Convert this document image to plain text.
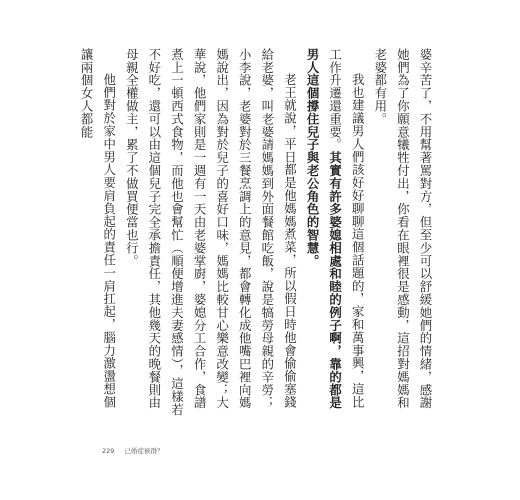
婆辛苦了，不用幫著罵對方，但至少可以舒緩她們的情緒，感謝她們為了你願意犧牲付出，你看在眼裡很是感動，這招對媽媽和老婆都有用。

我也建議男人們該好好聊聊這個話題的，家和萬事興，這比工作升遷還重要。其實有許多婆媳相處和睦的例子啊，靠的都是男人這個撐住兒子與老公角色的智慧。

老王就說，平日都是他媽媽煮菜，所以假日時他會偷偷塞錢給老婆，叫老婆請媽媽到外面餐館吃飯，說是犒勞母親的辛勞；小李說，老婆對於三餐烹調上的意見，都會轉化成他嘴巴裡向媽媽說出，因為對於兒子的喜好口味，媽媽比較甘心樂意改變；大華說，他們家則是一週有一天由老婆掌廚，婆媳分工合作，食譜煮上一頓西式食物，而他也會幫忙（順便增進夫妻感情），這樣若不好吃，還可以由這個兒子完全承擔責任，其他幾天的晚餐則由母親全權做主，累了不做買便當也行。

他們對於家中男人要肩負起的責任一肩扛起，腦力激盪想個讓兩個女人都能

229 已婚症候群？
